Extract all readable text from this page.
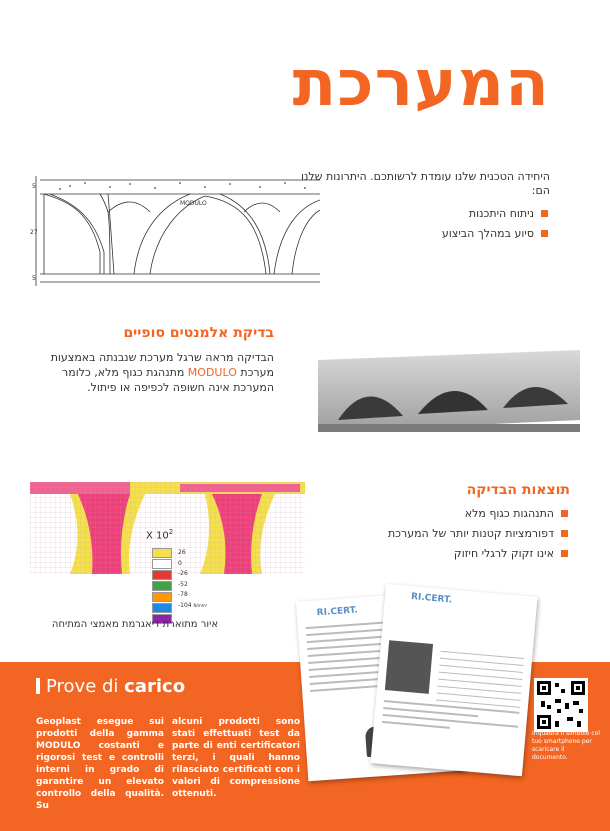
המערכת
MODULO
5
27
5
היחידה הטכנית שלנו עומדת לרשותכם. היתרונות שלנו הם:
ניתוח היתכנות
סיוע במהלך הביצוע
בדיקת אלמנטים סופיים
הבדיקה מראה שרגל מערכת שנבנתה באמצעות מערכת MODULO מתנהגת כגוף מלא, כלומר המערכת אינה חשופה לכפיפה או פיתול.
תוצאות הבדיקה
התנהגות כגוף מלא
דפורמציות קטנות יותר של המערכת
אינו זקוק לרגלי חיזוק
X $10^2$
26
0
-26
-52
-78
-104 N/mm²
איור מתוארת דיאגרמת מאמצי המתיחה
Prove di carico
Geoplast esegue sui prodotti della gamma MODULO costanti e rigorosi test e controlli interni in grado di garantire un elevato controllo della qualità. Su
alcuni prodotti sono stati effettuati test da parte di enti certificatori terzi, i quali hanno rilasciato certificati con i valori di compressione ottenuti.
Inquadra il simbolo col tuo smartphone per scaricare il documento.
RI.CERT.
RI.CERT.
